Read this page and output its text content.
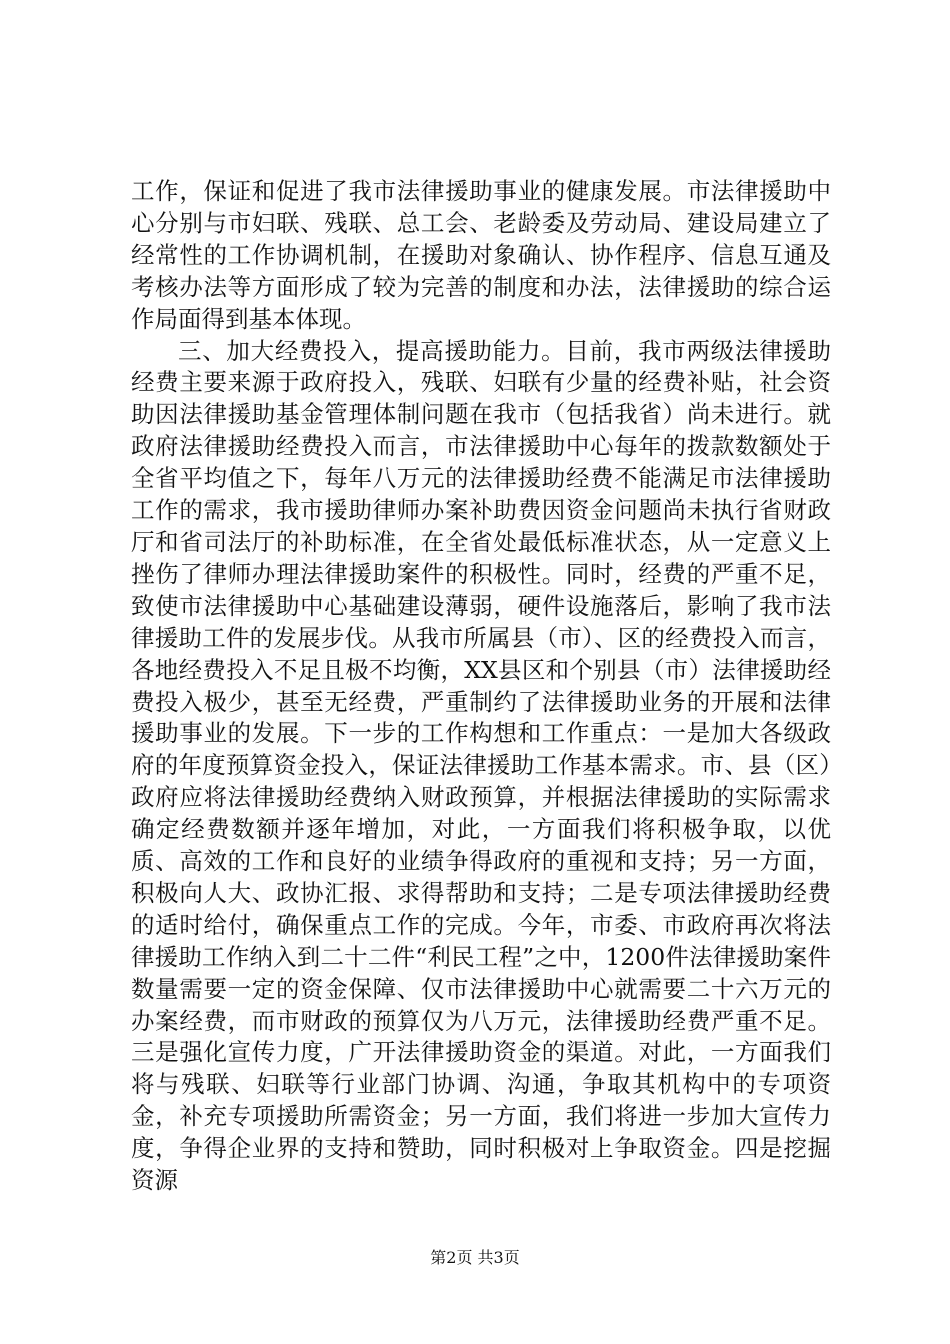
工作，保证和促进了我市法律援助事业的健康发展。市法律援助中心分别与市妇联、残联、总工会、老龄委及劳动局、建设局建立了经常性的工作协调机制，在援助对象确认、协作程序、信息互通及考核办法等方面形成了较为完善的制度和办法，法律援助的综合运作局面得到基本体现。

三、加大经费投入，提高援助能力。目前，我市两级法律援助经费主要来源于政府投入，残联、妇联有少量的经费补贴，社会资助因法律援助基金管理体制问题在我市（包括我省）尚未进行。就政府法律援助经费投入而言，市法律援助中心每年的拨款数额处于全省平均值之下，每年八万元的法律援助经费不能满足市法律援助工作的需求，我市援助律师办案补助费因资金问题尚未执行省财政厅和省司法厅的补助标准，在全省处最低标准状态，从一定意义上挫伤了律师办理法律援助案件的积极性。同时，经费的严重不足，致使市法律援助中心基础建设薄弱，硬件设施落后，影响了我市法律援助工件的发展步伐。从我市所属县（市）、区的经费投入而言，各地经费投入不足且极不均衡，XX县区和个别县（市）法律援助经费投入极少，甚至无经费，严重制约了法律援助业务的开展和法律援助事业的发展。下一步的工作构想和工作重点：一是加大各级政府的年度预算资金投入，保证法律援助工作基本需求。市、县（区）政府应将法律援助经费纳入财政预算，并根据法律援助的实际需求确定经费数额并逐年增加，对此，一方面我们将积极争取，以优质、高效的工作和良好的业绩争得政府的重视和支持；另一方面，积极向人大、政协汇报、求得帮助和支持；二是专项法律援助经费的适时给付，确保重点工作的完成。今年，市委、市政府再次将法律援助工作纳入到二十二件“利民工程”之中，1200件法律援助案件数量需要一定的资金保障、仅市法律援助中心就需要二十六万元的办案经费，而市财政的预算仅为八万元，法律援助经费严重不足。三是强化宣传力度，广开法律援助资金的渠道。对此，一方面我们将与残联、妇联等行业部门协调、沟通，争取其机构中的专项资金，补充专项援助所需资金；另一方面，我们将进一步加大宣传力度，争得企业界的支持和赞助，同时积极对上争取资金。四是挖掘资源

第2页 共3页
